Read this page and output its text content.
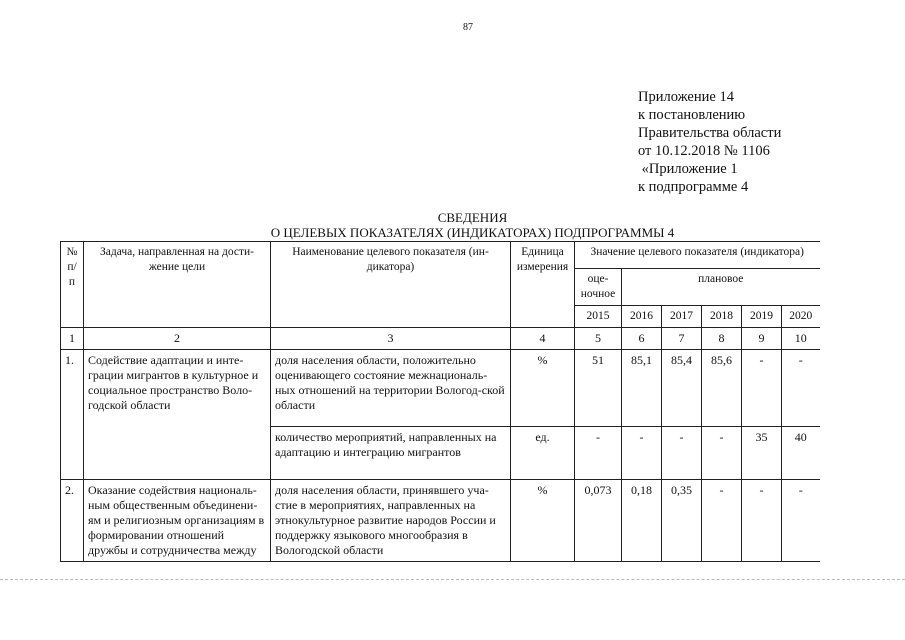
87
Приложение 14
к постановлению
Правительства области
от 10.12.2018 № 1106
«Приложение 1
к подпрограмме 4
СВЕДЕНИЯ
О ЦЕЛЕВЫХ ПОКАЗАТЕЛЯХ (ИНДИКАТОРАХ) ПОДПРОГРАММЫ 4
№ п/п	Задача, направленная на дости-жение цели	Наименование целевого показателя (ин-дикатора)	Единица измерения	Значение целевого показателя (индикатора)					
				оце-ночное	плановое				
				2015	2016	2017	2018	2019	2020
1	2	3	4	5	6	7	8	9	10
1.	Содействие адаптации и инте-грации мигрантов в культурное и социальное пространство Воло-годской области	доля населения области, положительно оценивающего состояние межнациональ-ных отношений на территории Вологод-ской области	%	51	85,1	85,4	85,6	-	-
		количество мероприятий, направленных на адаптацию и интеграцию мигрантов	ед.	-	-	-	-	35	40
2.	Оказание содействия националь-ным общественным объединени-ям и религиозным организациям в формировании отношений дружбы и сотрудничества между	доля населения области, принявшего уча-стие в мероприятиях, направленных на этнокультурное развитие народов России и поддержку языкового многообразия в Вологодской области	%	0,073	0,18	0,35	-	-	-
